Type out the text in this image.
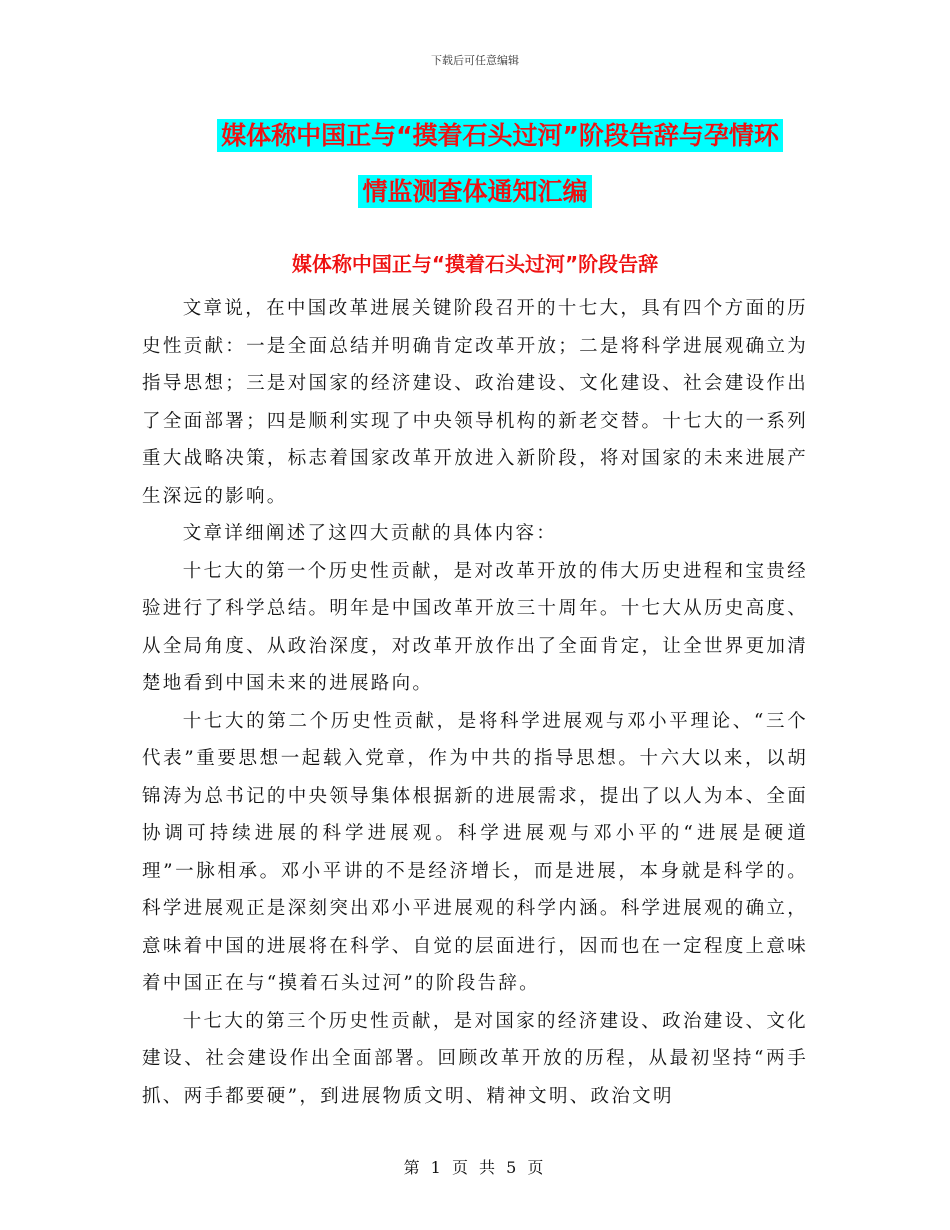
下载后可任意编辑
媒体称中国正与“摸着石头过河”阶段告辞与孕情环
情监测查体通知汇编
媒体称中国正与“摸着石头过河”阶段告辞

文章说，在中国改革进展关键阶段召开的十七大，具有四个方面的历史性贡献：一是全面总结并明确肯定改革开放；二是将科学进展观确立为指导思想；三是对国家的经济建设、政治建设、文化建设、社会建设作出了全面部署；四是顺利实现了中央领导机构的新老交替。十七大的一系列重大战略决策，标志着国家改革开放进入新阶段，将对国家的未来进展产生深远的影响。

文章详细阐述了这四大贡献的具体内容：

十七大的第一个历史性贡献，是对改革开放的伟大历史进程和宝贵经验进行了科学总结。明年是中国改革开放三十周年。十七大从历史高度、从全局角度、从政治深度，对改革开放作出了全面肯定，让全世界更加清楚地看到中国未来的进展路向。

十七大的第二个历史性贡献，是将科学进展观与邓小平理论、“三个代表”重要思想一起载入党章，作为中共的指导思想。十六大以来，以胡锦涛为总书记的中央领导集体根据新的进展需求，提出了以人为本、全面协调可持续进展的科学进展观。科学进展观与邓小平的“进展是硬道理”一脉相承。邓小平讲的不是经济增长，而是进展，本身就是科学的。科学进展观正是深刻突出邓小平进展观的科学内涵。科学进展观的确立，意味着中国的进展将在科学、自觉的层面进行，因而也在一定程度上意味着中国正在与“摸着石头过河”的阶段告辞。

十七大的第三个历史性贡献，是对国家的经济建设、政治建设、文化建设、社会建设作出全面部署。回顾改革开放的历程，从最初坚持“两手抓、两手都要硬”，到进展物质文明、精神文明、政治文明

第 1 页 共 5 页
